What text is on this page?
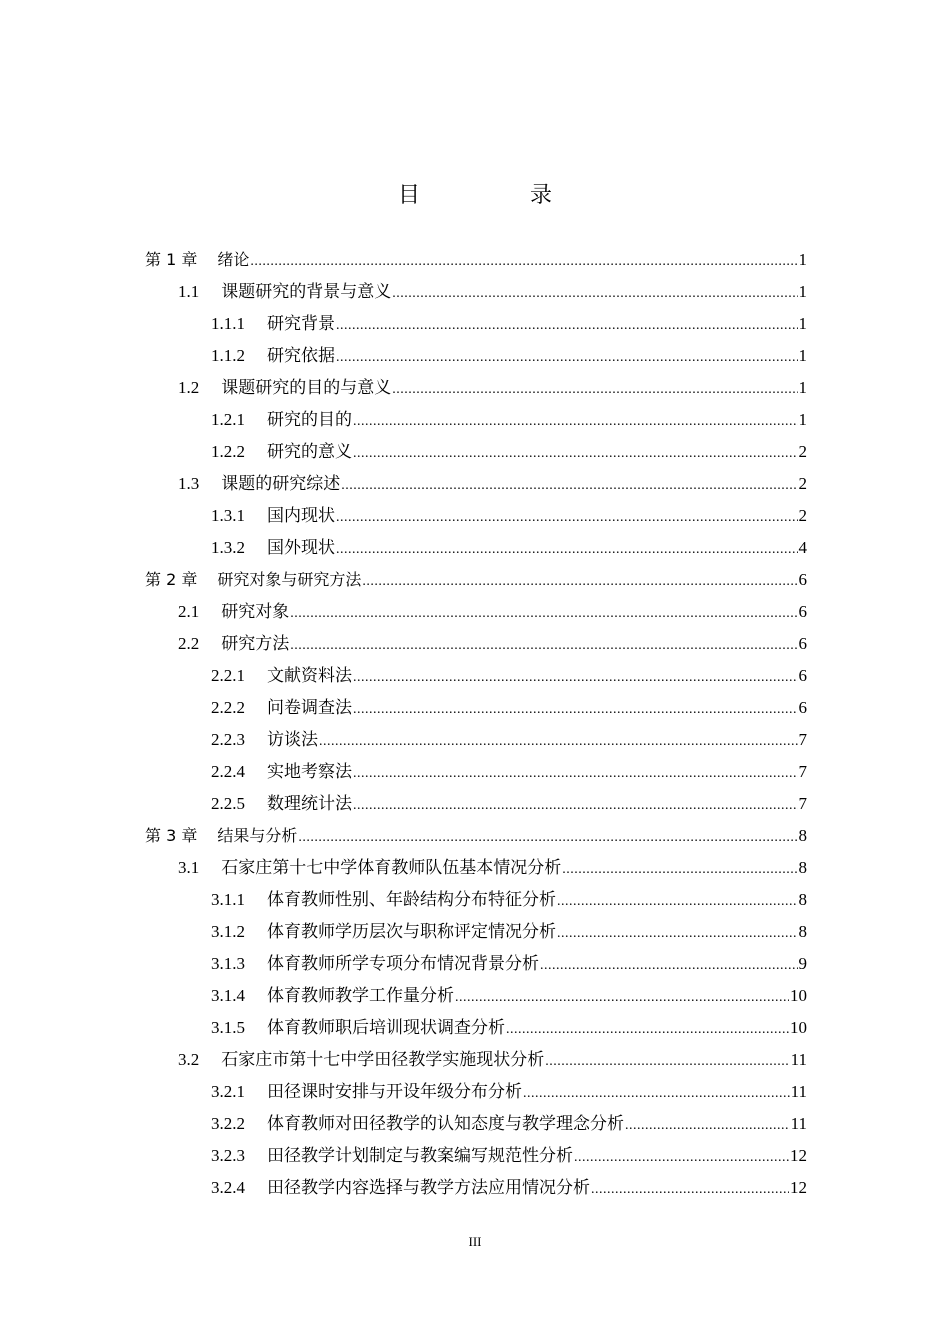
目　录
第 1 章 绪论 .....	1
1.1 课题研究的背景与意义 .....	1
1.1.1 研究背景 .....	1
1.1.2 研究依据 .....	1
1.2 课题研究的目的与意义 .....	1
1.2.1 研究的目的 .....	1
1.2.2 研究的意义 .....	2
1.3 课题的研究综述 .....	2
1.3.1 国内现状 .....	2
1.3.2 国外现状 .....	4
第 2 章 研究对象与研究方法 .....	6
2.1 研究对象 .....	6
2.2 研究方法 .....	6
2.2.1 文献资料法 .....	6
2.2.2 问卷调查法 .....	6
2.2.3 访谈法 .....	7
2.2.4 实地考察法 .....	7
2.2.5 数理统计法 .....	7
第 3 章 结果与分析 .....	8
3.1 石家庄第十七中学体育教师队伍基本情况分析 .....	8
3.1.1 体育教师性别、年龄结构分布特征分析 .....	8
3.1.2 体育教师学历层次与职称评定情况分析 .....	8
3.1.3 体育教师所学专项分布情况背景分析 .....	9
3.1.4 体育教师教学工作量分析 .....	10
3.1.5 体育教师职后培训现状调查分析 .....	10
3.2 石家庄市第十七中学田径教学实施现状分析 .....	11
3.2.1 田径课时安排与开设年级分布分析 .....	11
3.2.2 体育教师对田径教学的认知态度与教学理念分析 .....	11
3.2.3 田径教学计划制定与教案编写规范性分析 .....	12
3.2.4 田径教学内容选择与教学方法应用情况分析 .....	12
III
